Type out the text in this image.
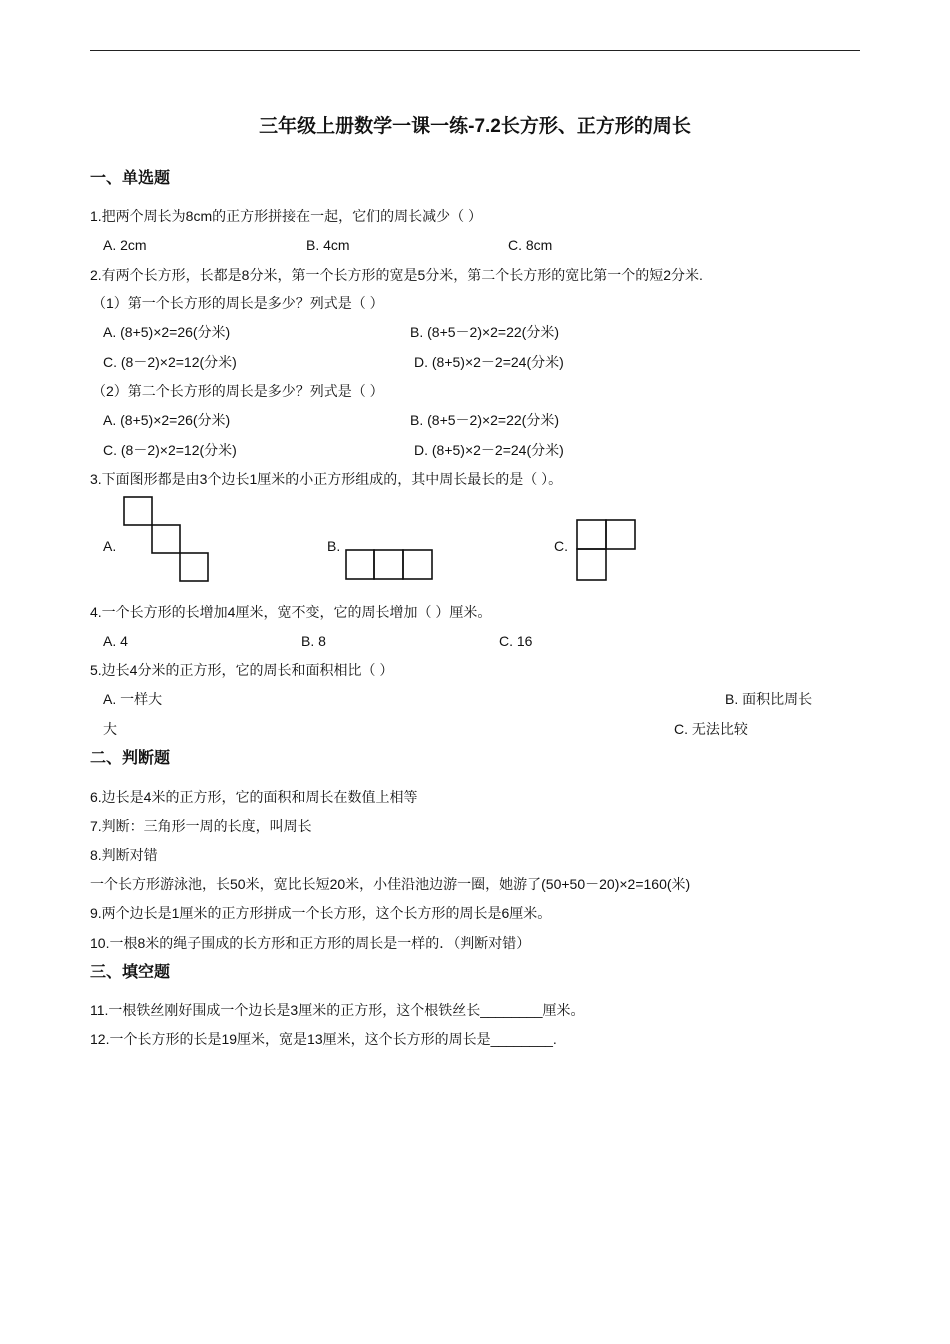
三年级上册数学一课一练-7.2长方形、正方形的周长
一、单选题
1.把两个周长为8cm的正方形拼接在一起，它们的周长减少（ ）
A. 2cm	B. 4cm	C. 8cm
2.有两个长方形，长都是8分米，第一个长方形的宽是5分米，第二个长方形的宽比第一个的短2分米.
（1）第一个长方形的周长是多少？列式是（ ）
A. (8+5)×2=26(分米)	B. (8+5－2)×2=22(分米)
C. (8－2)×2=12(分米)	D. (8+5)×2－2=24(分米)
（2）第二个长方形的周长是多少？列式是（ ）
A. (8+5)×2=26(分米)	B. (8+5－2)×2=22(分米)
C. (8－2)×2=12(分米)	D. (8+5)×2－2=24(分米)
3.下面图形都是由3个边长1厘米的小正方形组成的，其中周长最长的是（ ）。
A.	B.	C.
4.一个长方形的长增加4厘米，宽不变，它的周长增加（ ）厘米。
A. 4	B. 8	C. 16
5.边长4分米的正方形，它的周长和面积相比（ ）
A. 一样大	B. 面积比周长
大	C. 无法比较
二、判断题
6.边长是4米的正方形，它的面积和周长在数值上相等
7.判断：三角形一周的长度，叫周长
8.判断对错
一个长方形游泳池，长50米，宽比长短20米，小佳沿池边游一圈，她游了(50+50－20)×2=160(米)
9.两个边长是1厘米的正方形拼成一个长方形，这个长方形的周长是6厘米。
10.一根8米的绳子围成的长方形和正方形的周长是一样的．（判断对错）
三、填空题
11.一根铁丝刚好围成一个边长是3厘米的正方形，这个根铁丝长________厘米。
12.一个长方形的长是19厘米，宽是13厘米，这个长方形的周长是________.
